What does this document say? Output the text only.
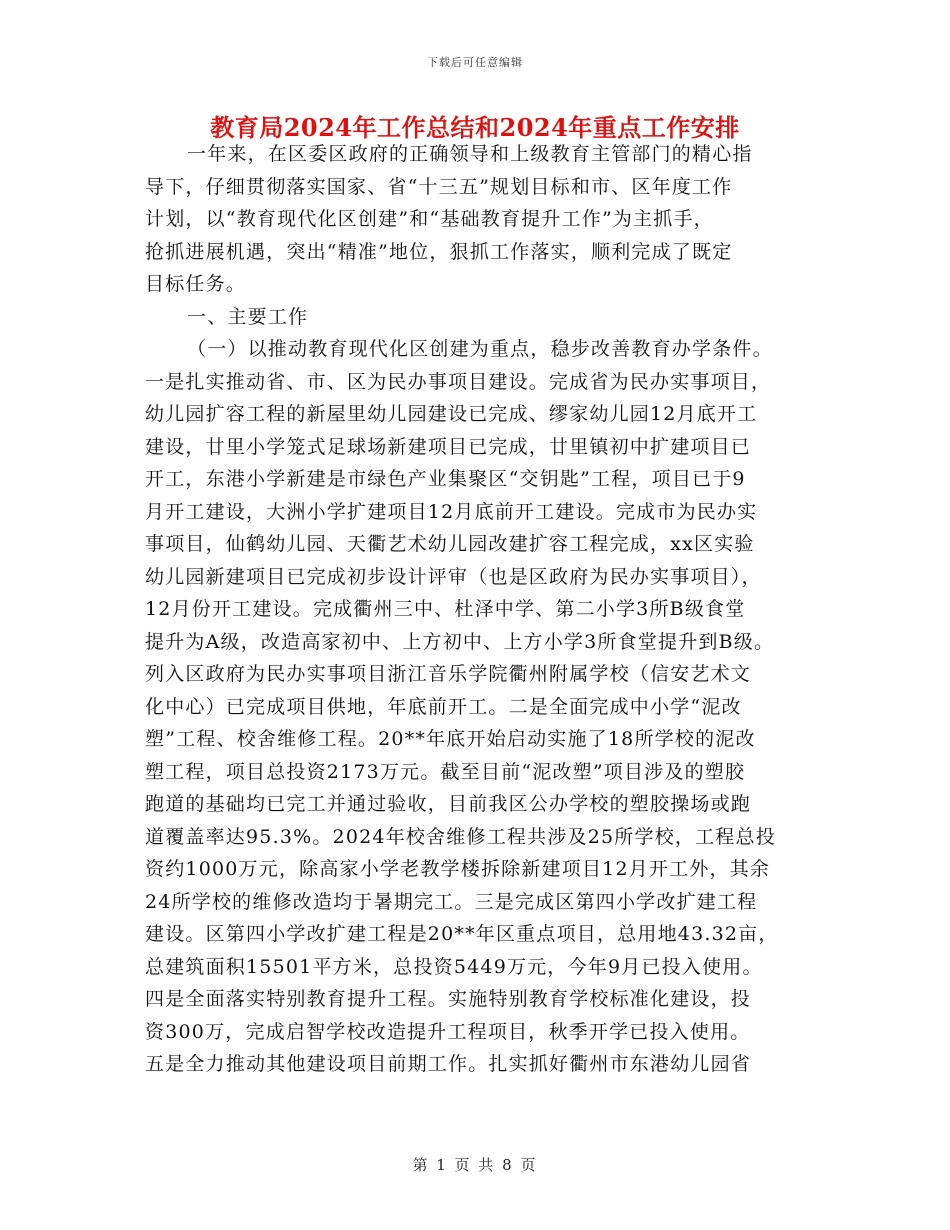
下载后可任意编辑
教育局2024年工作总结和2024年重点工作安排
一年来，在区委区政府的正确领导和上级教育主管部门的精心指
导下，仔细贯彻落实国家、省“十三五”规划目标和市、区年度工作
计划，以“教育现代化区创建”和“基础教育提升工作”为主抓手，
抢抓进展机遇，突出“精准”地位，狠抓工作落实，顺利完成了既定
目标任务。
一、主要工作
（一）以推动教育现代化区创建为重点，稳步改善教育办学条件。
一是扎实推动省、市、区为民办事项目建设。完成省为民办实事项目，
幼儿园扩容工程的新屋里幼儿园建设已完成、缪家幼儿园12月底开工
建设，廿里小学笼式足球场新建项目已完成，廿里镇初中扩建项目已
开工，东港小学新建是市绿色产业集聚区“交钥匙”工程，项目已于9
月开工建设，大洲小学扩建项目12月底前开工建设。完成市为民办实
事项目，仙鹤幼儿园、天衢艺术幼儿园改建扩容工程完成，xx区实验
幼儿园新建项目已完成初步设计评审（也是区政府为民办实事项目），
12月份开工建设。完成衢州三中、杜泽中学、第二小学3所B级食堂
提升为A级，改造高家初中、上方初中、上方小学3所食堂提升到B级。
列入区政府为民办实事项目浙江音乐学院衢州附属学校（信安艺术文
化中心）已完成项目供地，年底前开工。二是全面完成中小学“泥改
塑”工程、校舍维修工程。20**年底开始启动实施了18所学校的泥改
塑工程，项目总投资2173万元。截至目前“泥改塑”项目涉及的塑胶
跑道的基础均已完工并通过验收，目前我区公办学校的塑胶操场或跑
道覆盖率达95.3%。2024年校舍维修工程共涉及25所学校，工程总投
资约1000万元，除高家小学老教学楼拆除新建项目12月开工外，其余
24所学校的维修改造均于暑期完工。三是完成区第四小学改扩建工程
建设。区第四小学改扩建工程是20**年区重点项目，总用地43.32亩，
总建筑面积15501平方米，总投资5449万元，今年9月已投入使用。
四是全面落实特别教育提升工程。实施特别教育学校标准化建设，投
资300万，完成启智学校改造提升工程项目，秋季开学已投入使用。
五是全力推动其他建设项目前期工作。扎实抓好衢州市东港幼儿园省
第 1 页 共 8 页
